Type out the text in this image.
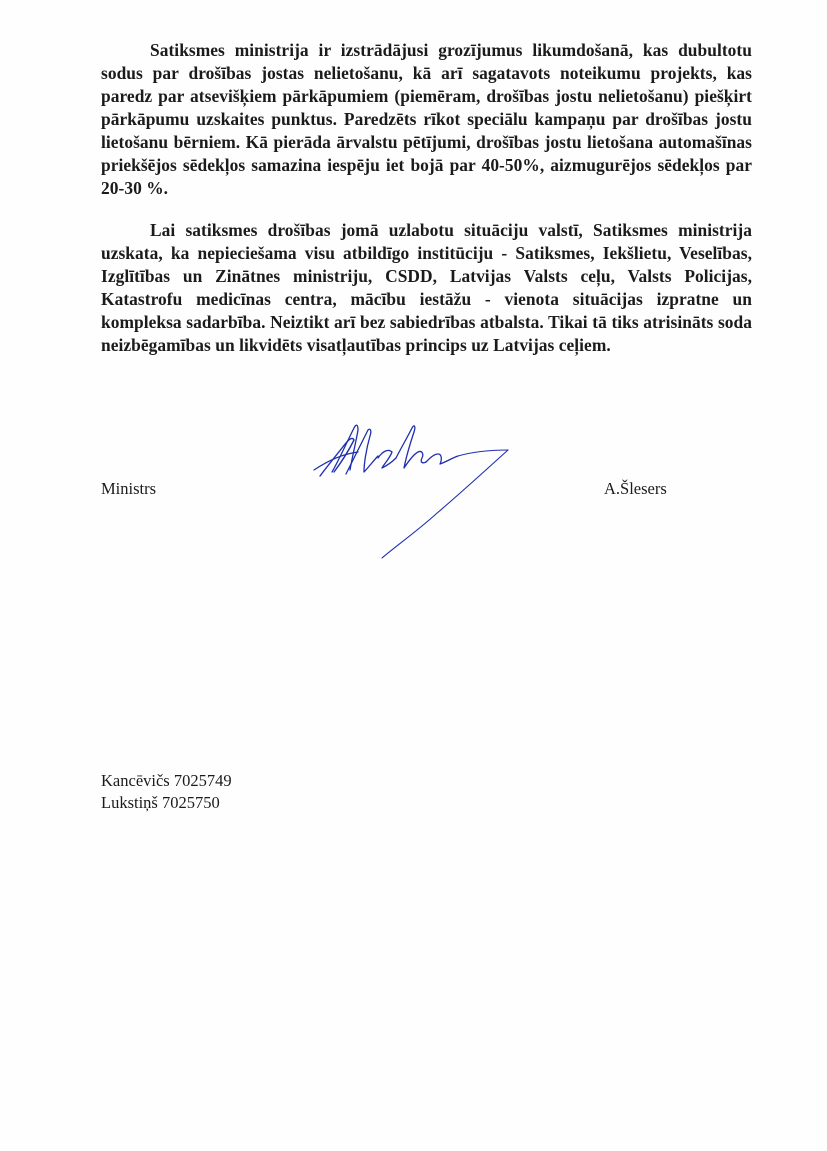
Satiksmes ministrija ir izstrādājusi grozījumus likumdošanā, kas dubultotu sodus par drošības jostas nelietošanu, kā arī sagatavots noteikumu projekts, kas paredz par atsevišķiem pārkāpumiem (piemēram, drošības jostu nelietošanu) piešķirt pārkāpumu uzskaites punktus. Paredzēts rīkot speciālu kampaņu par drošības jostu lietošanu bērniem. Kā pierāda ārvalstu pētījumi, drošības jostu lietošana automašīnas priekšējos sēdekļos samazina iespēju iet bojā par 40-50%, aizmugurējos sēdekļos par 20-30 %.

Lai satiksmes drošības jomā uzlabotu situāciju valstī, Satiksmes ministrija uzskata, ka nepieciešama visu atbildīgo institūciju - Satiksmes, Iekšlietu, Veselības, Izglītības un Zinātnes ministriju, CSDD, Latvijas Valsts ceļu, Valsts Policijas, Katastrofu medicīnas centra, mācību iestāžu - vienota situācijas izpratne un kompleksa sadarbība. Neiztikt arī bez sabiedrības atbalsta. Tikai tā tiks atrisināts soda neizbēgamības un likvidēts visatļautības princips uz Latvijas ceļiem.

Ministrs	A.Šlesers
Kancēvičs 7025749
Lukstiņš 7025750
